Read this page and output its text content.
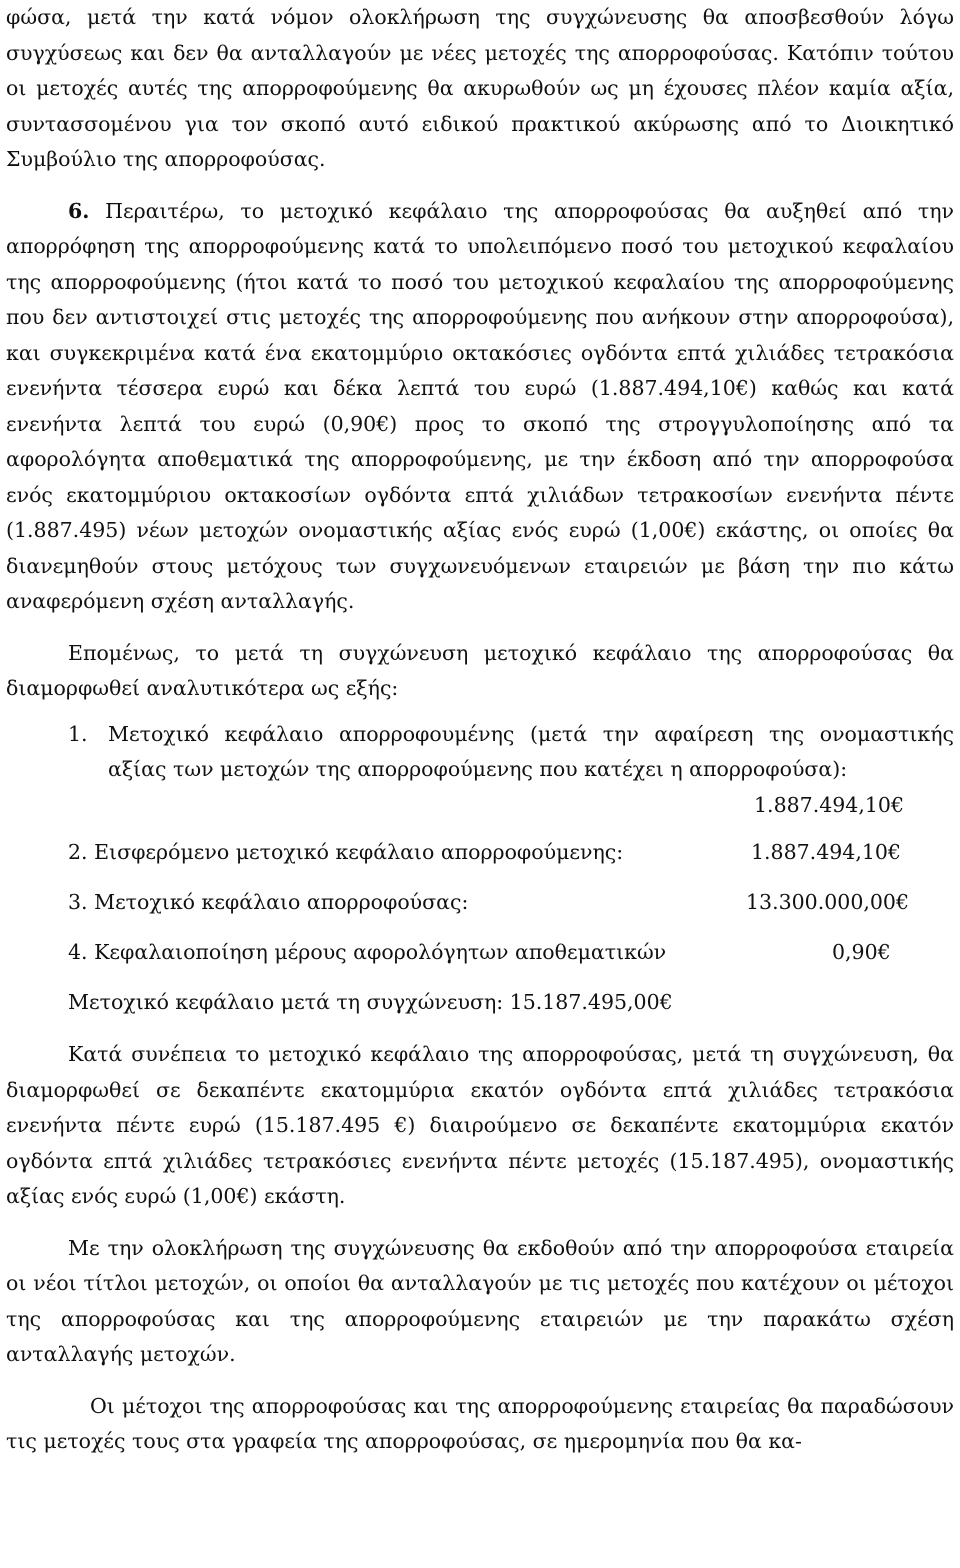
φώσα, μετά την κατά νόμον ολοκλήρωση της συγχώνευσης θα αποσβεσθούν λόγω συγχύσεως και δεν θα ανταλλαγούν με νέες μετοχές της απορροφούσας. Κατόπιν τούτου οι μετοχές αυτές της απορροφούμενης θα ακυρωθούν ως μη έχουσες πλέον καμία αξία, συντασσομένου για τον σκοπό αυτό ειδικού πρακτικού ακύρωσης από το Διοικητικό Συμβούλιο της απορροφούσας.

6. Περαιτέρω, το μετοχικό κεφάλαιο της απορροφούσας θα αυξηθεί από την απορρόφηση της απορροφούμενης κατά το υπολειπόμενο ποσό του μετοχικού κεφαλαίου της απορροφούμενης (ήτοι κατά το ποσό του μετοχικού κεφαλαίου της απορροφούμενης που δεν αντιστοιχεί στις μετοχές της απορροφούμενης που ανήκουν στην απορροφούσα), και συγκεκριμένα κατά ένα εκατομμύριο οκτακόσιες ογδόντα επτά χιλιάδες τετρακόσια ενενήντα τέσσερα ευρώ και δέκα λεπτά του ευρώ (1.887.494,10€) καθώς και κατά ενενήντα λεπτά του ευρώ (0,90€) προς το σκοπό της στρογγυλοποίησης από τα αφορολόγητα αποθεματικά της απορροφούμενης, με την έκδοση από την απορροφούσα ενός εκατομμύριου οκτακοσίων ογδόντα επτά χιλιάδων τετρακοσίων ενενήντα πέντε (1.887.495) νέων μετοχών ονομαστικής αξίας ενός ευρώ (1,00€) εκάστης, οι οποίες θα διανεμηθούν στους μετόχους των συγχωνευόμενων εταιρειών με βάση την πιο κάτω αναφερόμενη σχέση ανταλλαγής.

Επομένως, το μετά τη συγχώνευση μετοχικό κεφάλαιο της απορροφούσας θα διαμορφωθεί αναλυτικότερα ως εξής:

1. Μετοχικό κεφάλαιο απορροφουμένης (μετά την αφαίρεση της ονομαστικής αξίας των μετοχών της απορροφούμενης που κατέχει η απορροφούσα):
1.887.494,10€
2. Εισφερόμενο μετοχικό κεφάλαιο απορροφούμενης:	1.887.494,10€
3. Μετοχικό κεφάλαιο απορροφούσας:	13.300.000,00€
4. Κεφαλαιοποίηση μέρους αφορολόγητων αποθεματικών	0,90€
Μετοχικό κεφάλαιο μετά τη συγχώνευση: 15.187.495,00€

Κατά συνέπεια το μετοχικό κεφάλαιο της απορροφούσας, μετά τη συγχώνευση, θα διαμορφωθεί σε δεκαπέντε εκατομμύρια εκατόν ογδόντα επτά χιλιάδες τετρακόσια ενενήντα πέντε ευρώ (15.187.495 €) διαιρούμενο σε δεκαπέντε εκατομμύρια εκατόν ογδόντα επτά χιλιάδες τετρακόσιες ενενήντα πέντε μετοχές (15.187.495), ονομαστικής αξίας ενός ευρώ (1,00€) εκάστη.

Με την ολοκλήρωση της συγχώνευσης θα εκδοθούν από την απορροφούσα εταιρεία οι νέοι τίτλοι μετοχών, οι οποίοι θα ανταλλαγούν με τις μετοχές που κατέχουν οι μέτοχοι της απορροφούσας και της απορροφούμενης εταιρειών με την παρακάτω σχέση ανταλλαγής μετοχών.

Οι μέτοχοι της απορροφούσας και της απορροφούμενης εταιρείας θα παραδώσουν τις μετοχές τους στα γραφεία της απορροφούσας, σε ημερομηνία που θα κα-
